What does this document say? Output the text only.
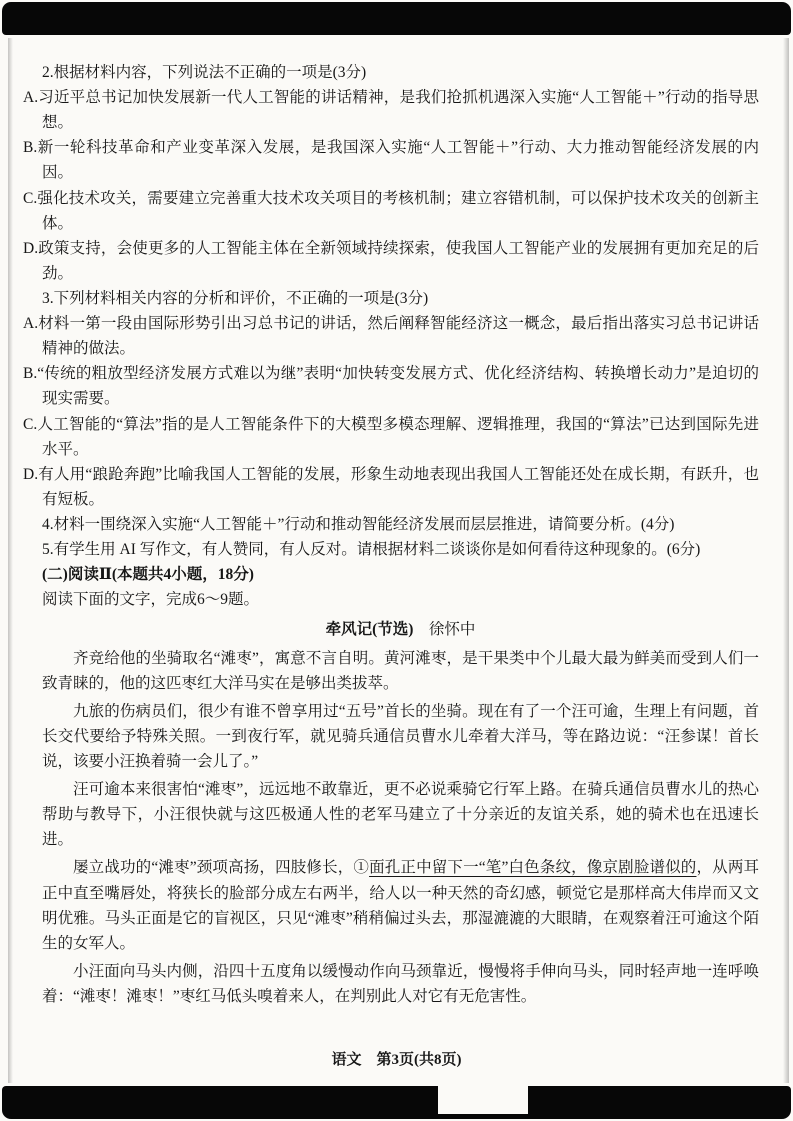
2.根据材料内容，下列说法不正确的一项是(3分)

A.习近平总书记加快发展新一代人工智能的讲话精神，是我们抢抓机遇深入实施“人工智能＋”行动的指导思想。

B.新一轮科技革命和产业变革深入发展，是我国深入实施“人工智能＋”行动、大力推动智能经济发展的内因。

C.强化技术攻关，需要建立完善重大技术攻关项目的考核机制；建立容错机制，可以保护技术攻关的创新主体。

D.政策支持，会使更多的人工智能主体在全新领域持续探索，使我国人工智能产业的发展拥有更加充足的后劲。

3.下列材料相关内容的分析和评价，不正确的一项是(3分)

A.材料一第一段由国际形势引出习总书记的讲话，然后阐释智能经济这一概念，最后指出落实习总书记讲话精神的做法。

B.“传统的粗放型经济发展方式难以为继”表明“加快转变发展方式、优化经济结构、转换增长动力”是迫切的现实需要。

C.人工智能的“算法”指的是人工智能条件下的大模型多模态理解、逻辑推理，我国的“算法”已达到国际先进水平。

D.有人用“踉跄奔跑”比喻我国人工智能的发展，形象生动地表现出我国人工智能还处在成长期，有跃升，也有短板。

4.材料一围绕深入实施“人工智能＋”行动和推动智能经济发展而层层推进，请简要分析。(4分)

5.有学生用 AI 写作文，有人赞同，有人反对。请根据材料二谈谈你是如何看待这种现象的。(6分)

(二)阅读Ⅱ(本题共4小题，18分)

阅读下面的文字，完成6～9题。

牵风记(节选) 徐怀中

齐竞给他的坐骑取名“滩枣”，寓意不言自明。黄河滩枣，是干果类中个儿最大最为鲜美而受到人们一致青睐的，他的这匹枣红大洋马实在是够出类拔萃。

九旅的伤病员们，很少有谁不曾享用过“五号”首长的坐骑。现在有了一个汪可逾，生理上有问题，首长交代要给予特殊关照。一到夜行军，就见骑兵通信员曹水儿牵着大洋马，等在路边说：“汪参谋！首长说，该要小汪换着骑一会儿了。”

汪可逾本来很害怕“滩枣”，远远地不敢靠近，更不必说乘骑它行军上路。在骑兵通信员曹水儿的热心帮助与教导下，小汪很快就与这匹极通人性的老军马建立了十分亲近的友谊关系，她的骑术也在迅速长进。

屡立战功的“滩枣”颈项高扬，四肢修长，①面孔正中留下一“笔”白色条纹，像京剧脸谱似的，从两耳正中直至嘴唇处，将狭长的脸部分成左右两半，给人以一种天然的奇幻感，顿觉它是那样高大伟岸而又文明优雅。马头正面是它的盲视区，只见“滩枣”稍稍偏过头去，那湿漉漉的大眼睛，在观察着汪可逾这个陌生的女军人。

小汪面向马头内侧，沿四十五度角以缓慢动作向马颈靠近，慢慢将手伸向马头，同时轻声地一连呼唤着：“滩枣！滩枣！”枣红马低头嗅着来人，在判别此人对它有无危害性。

语文　第3页(共8页)
